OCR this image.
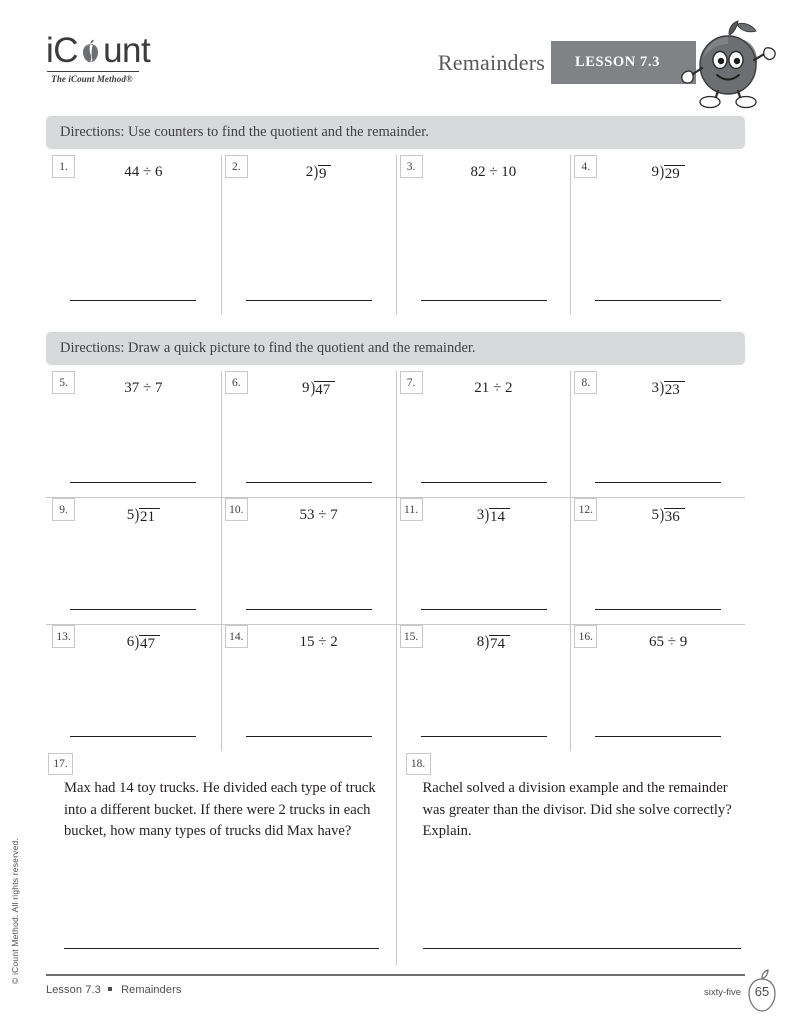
© iCount Method. All rights reserved.
iC unt
The iCount Method®
Remainders	LESSON 7.3
Directions: Use counters to find the quotient and the remainder.
1.	44 ÷ 6	2.	2 ) 9	3.	82 ÷ 10	4.	9 ) 29
Directions: Draw a quick picture to find the quotient and the remainder.
5.	37 ÷ 7	6.	9 ) 47	7.	21 ÷ 2	8.	3 ) 23
9.	5 ) 21	10.	53 ÷ 7	11.	3 ) 14	12.	5 ) 36
13.	6 ) 47	14.	15 ÷ 2	15.	8 ) 74	16.	65 ÷ 9
17.
Max had 14 toy trucks. He divided each type of truck into a different bucket. If there were 2 trucks in each bucket, how many types of trucks did Max have?
18.
Rachel solved a division example and the remainder was greater than the divisor. Did she solve correctly? Explain.
Lesson 7.3 Remainders	sixty-five	65
